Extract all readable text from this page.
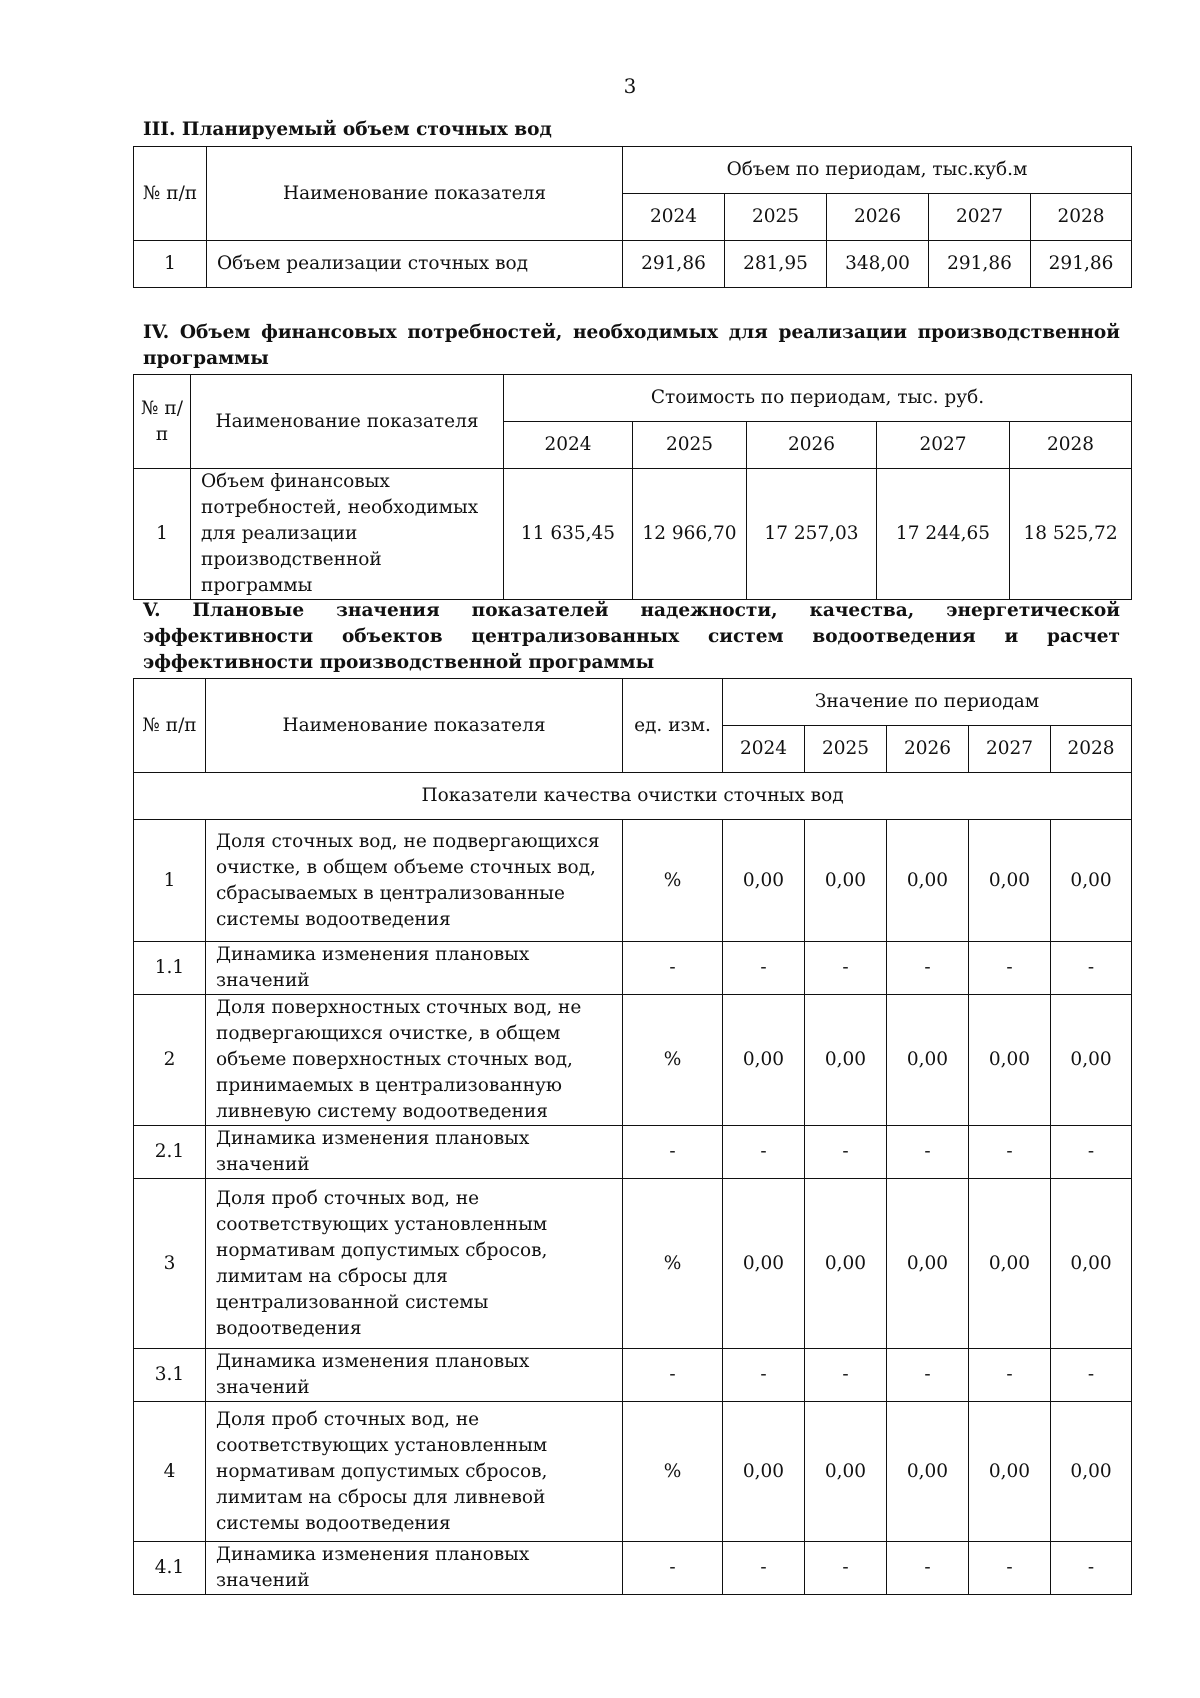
3
III. Планируемый объем сточных вод
№ п/п	Наименование показателя	Объем по периодам, тыс.куб.м				
		2024	2025	2026	2027	2028
1	Объем реализации сточных вод	291,86	281,95	348,00	291,86	291,86
IV. Объем финансовых потребностей, необходимых для реализации производственной программы
№ п/п	Наименование показателя	Стоимость по периодам, тыс. руб.				
		2024	2025	2026	2027	2028
1	Объем финансовых потребностей, необходимых для реализации производственной программы	11 635,45	12 966,70	17 257,03	17 244,65	18 525,72
V. Плановые значения показателей надежности, качества, энергетической эффективности объектов централизованных систем водоотведения и расчет эффективности производственной программы
№ п/п	Наименование показателя	ед. изм.	Значение по периодам				
			2024	2025	2026	2027	2028
Показатели качества очистки сточных вод							
1	Доля сточных вод, не подвергающихся очистке, в общем объеме сточных вод, сбрасываемых в централизованные системы водоотведения	%	0,00	0,00	0,00	0,00	0,00
1.1	Динамика изменения плановых значений	-	-	-	-	-	-
2	Доля поверхностных сточных вод, не подвергающихся очистке, в общем объеме поверхностных сточных вод, принимаемых в централизованную ливневую систему водоотведения	%	0,00	0,00	0,00	0,00	0,00
2.1	Динамика изменения плановых значений	-	-	-	-	-	-
3	Доля проб сточных вод, не соответствующих установленным нормативам допустимых сбросов, лимитам на сбросы для централизованной системы водоотведения	%	0,00	0,00	0,00	0,00	0,00
3.1	Динамика изменения плановых значений	-	-	-	-	-	-
4	Доля проб сточных вод, не соответствующих установленным нормативам допустимых сбросов, лимитам на сбросы для ливневой системы водоотведения	%	0,00	0,00	0,00	0,00	0,00
4.1	Динамика изменения плановых значений	-	-	-	-	-	-
